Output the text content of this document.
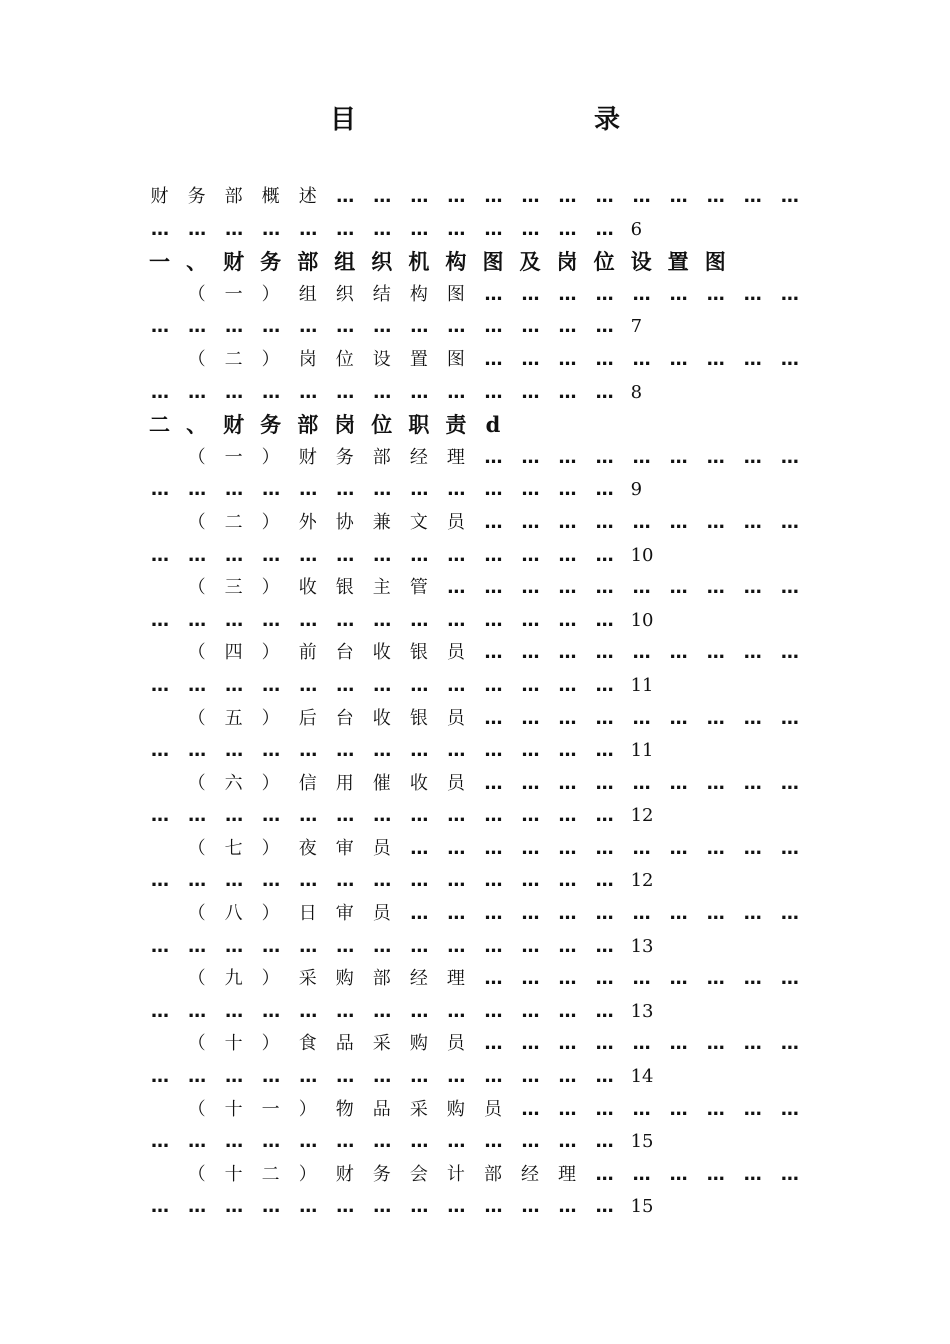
目　　录
财	务	部	概	述	…	…	…	…	…	…	…	…	…	…	…	…	…
…	…	…	…	…	…	…	…	…	…	…	…	…	6
一 、 财 务 部 组 织 机 构 图 及 岗 位 设 置 图
（	一	）	组	织	结	构	图	…	…	…	…	…	…	…	…	…
…	…	…	…	…	…	…	…	…	…	…	…	…	7
（	二	）	岗	位	设	置	图	…	…	…	…	…	…	…	…	…
…	…	…	…	…	…	…	…	…	…	…	…	…	8
二 、 财 务 部 岗 位 职 责 d
（	一	）	财	务	部	经	理	…	…	…	…	…	…	…	…	…
…	…	…	…	…	…	…	…	…	…	…	…	…	9
（	二	）	外	协	兼	文	员	…	…	…	…	…	…	…	…	…
…	…	…	…	…	…	…	…	…	…	…	…	…	10
（	三	）	收	银	主	管	…	…	…	…	…	…	…	…	…	…
…	…	…	…	…	…	…	…	…	…	…	…	…	10
（	四	）	前	台	收	银	员	…	…	…	…	…	…	…	…	…
…	…	…	…	…	…	…	…	…	…	…	…	…	11
（	五	）	后	台	收	银	员	…	…	…	…	…	…	…	…	…
…	…	…	…	…	…	…	…	…	…	…	…	…	11
（	六	）	信	用	催	收	员	…	…	…	…	…	…	…	…	…
…	…	…	…	…	…	…	…	…	…	…	…	…	12
（	七	）	夜	审	员	…	…	…	…	…	…	…	…	…	…	…
…	…	…	…	…	…	…	…	…	…	…	…	…	12
（	八	）	日	审	员	…	…	…	…	…	…	…	…	…	…	…
…	…	…	…	…	…	…	…	…	…	…	…	…	13
（	九	）	采	购	部	经	理	…	…	…	…	…	…	…	…	…
…	…	…	…	…	…	…	…	…	…	…	…	…	13
（	十	）	食	品	采	购	员	…	…	…	…	…	…	…	…	…
…	…	…	…	…	…	…	…	…	…	…	…	…	14
（	十	一	）	物	品	采	购	员	…	…	…	…	…	…	…	…
…	…	…	…	…	…	…	…	…	…	…	…	…	15
（	十	二	）	财	务	会	计	部	经	理	…	…	…	…	…	…
…	…	…	…	…	…	…	…	…	…	…	…	…	15
